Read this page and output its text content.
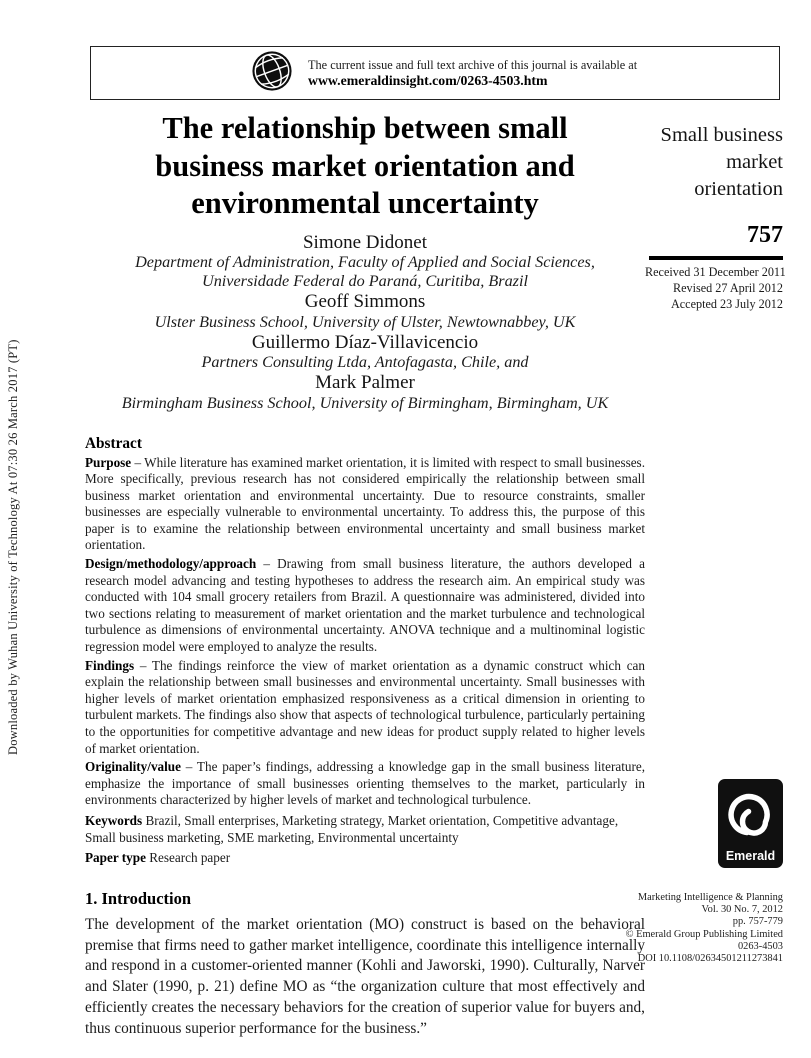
Downloaded by Wuhan University of Technology At 07:30 26 March 2017 (PT)
The current issue and full text archive of this journal is available at
www.emeraldinsight.com/0263-4503.htm
The relationship between small
business market orientation and
environmental uncertainty
Simone Didonet
Department of Administration, Faculty of Applied and Social Sciences,
Universidade Federal do Paraná, Curitiba, Brazil
Geoff Simmons
Ulster Business School, University of Ulster, Newtownabbey, UK
Guillermo Díaz-Villavicencio
Partners Consulting Ltda, Antofagasta, Chile, and
Mark Palmer
Birmingham Business School, University of Birmingham, Birmingham, UK
Abstract

Purpose – While literature has examined market orientation, it is limited with respect to small businesses. More specifically, previous research has not considered empirically the relationship between small business market orientation and environmental uncertainty. Due to resource constraints, smaller businesses are especially vulnerable to environmental uncertainty. To address this, the purpose of this paper is to examine the relationship between environmental uncertainty and small business market orientation.

Design/methodology/approach – Drawing from small business literature, the authors developed a research model advancing and testing hypotheses to address the research aim. An empirical study was conducted with 104 small grocery retailers from Brazil. A questionnaire was administered, divided into two sections relating to measurement of market orientation and the market turbulence and technological turbulence as dimensions of environmental uncertainty. ANOVA technique and a multinominal logistic regression model were employed to analyze the results.

Findings – The findings reinforce the view of market orientation as a dynamic construct which can explain the relationship between small businesses and environmental uncertainty. Small businesses with higher levels of market orientation emphasized responsiveness as a critical dimension in orienting to turbulent markets. The findings also show that aspects of technological turbulence, particularly pertaining to the opportunities for competitive advantage and new ideas for product supply related to higher levels of market orientation.

Originality/value – The paper’s findings, addressing a knowledge gap in the small business literature, emphasize the importance of small businesses orienting themselves to the market, particularly in environments characterized by higher levels of market and technological turbulence.

Keywords Brazil, Small enterprises, Marketing strategy, Market orientation, Competitive advantage, Small business marketing, SME marketing, Environmental uncertainty

Paper type Research paper

1. Introduction

The development of the market orientation (MO) construct is based on the behavioral premise that firms need to gather market intelligence, coordinate this intelligence internally and respond in a customer-oriented manner (Kohli and Jaworski, 1990). Culturally, Narver and Slater (1990, p. 21) define MO as “the organization culture that most effectively and efficiently creates the necessary behaviors for the creation of superior value for buyers and, thus continuous superior performance for the business.”

Small business market orientation
757
Received 31 December 2011
Revised 27 April 2012
Accepted 23 July 2012
Emerald
Marketing Intelligence & Planning
Vol. 30 No. 7, 2012
pp. 757-779
© Emerald Group Publishing Limited
0263-4503
DOI 10.1108/02634501211273841
